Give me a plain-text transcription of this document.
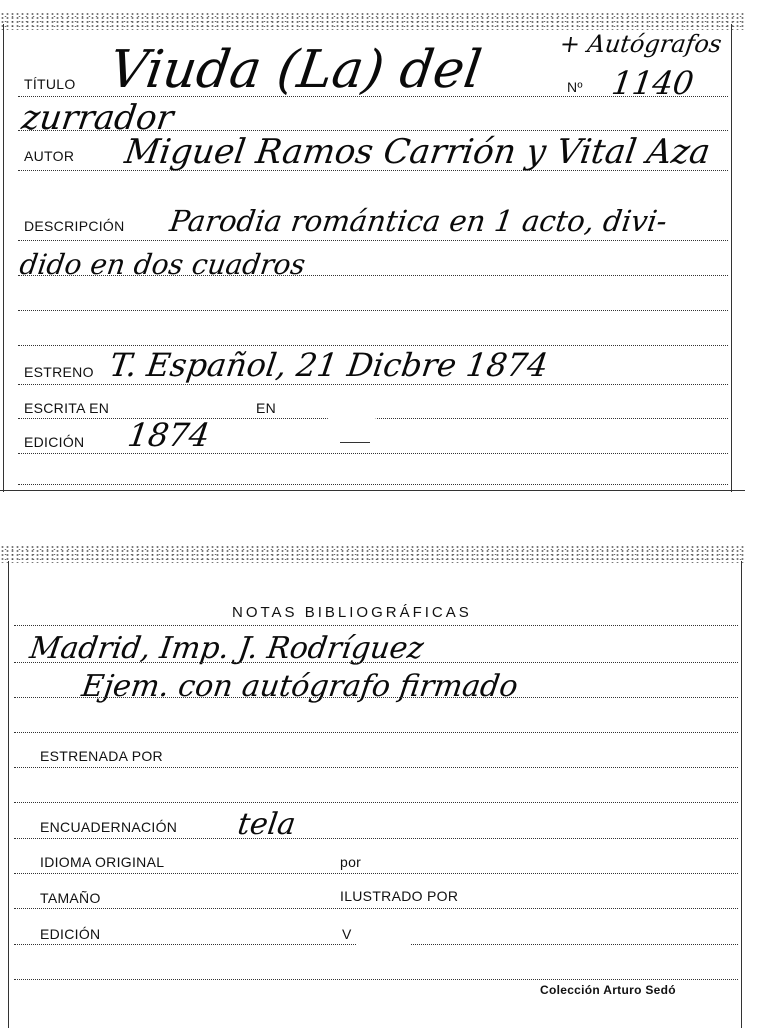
TÍTULO Viuda (La) del	+ Autógrafos
Nº 1140
zurrador
AUTOR Miguel Ramos Carrión y Vital Aza
DESCRIPCIÓN Parodia romántica en 1 acto, divi-
dido en dos cuadros
ESTRENO T. Español, 21 Dicbre 1874
ESCRITA EN	EN
EDICIÓN 1874
NOTAS BIBLIOGRÁFICAS
Madrid, Imp. J. Rodríguez
Ejem. con autógrafo firmado
ESTRENADA POR
ENCUADERNACIÓN tela
IDIOMA ORIGINAL	por
TAMAÑO	ILUSTRADO POR
EDICIÓN	V
Colección Arturo Sedó
